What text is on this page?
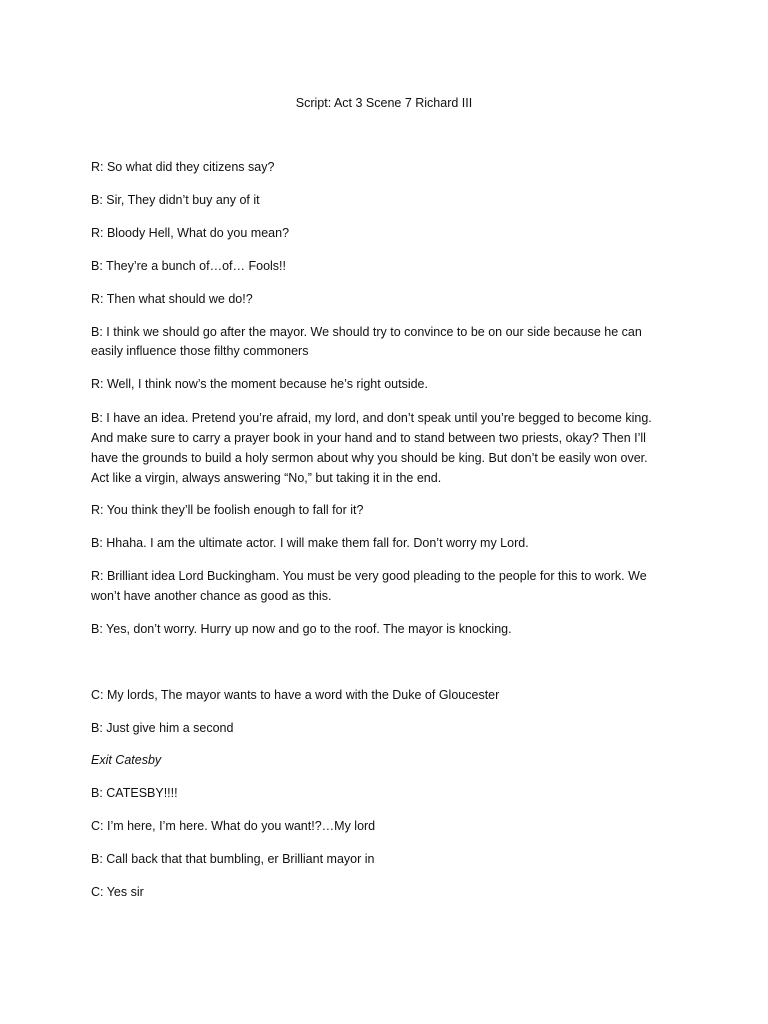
Script: Act 3 Scene 7 Richard III
R: So what did they citizens say?
B: Sir, They didn’t buy any of it
R: Bloody Hell, What do you mean?
B: They’re a bunch of…of… Fools!!
R: Then what should we do!?
B: I think we should go after the mayor. We should try to convince to be on our side because he can
easily influence those filthy commoners
R: Well, I think now’s the moment because he’s right outside.
B: I have an idea. Pretend you’re afraid, my lord, and don’t speak until you’re begged to become king.
And make sure to carry a prayer book in your hand and to stand between two priests, okay? Then I’ll
have the grounds to build a holy sermon about why you should be king. But don’t be easily won over.
Act like a virgin, always answering “No,” but taking it in the end.
R: You think they’ll be foolish enough to fall for it?
B: Hhaha. I am the ultimate actor. I will make them fall for. Don’t worry my Lord.
R: Brilliant idea Lord Buckingham. You must be very good pleading to the people for this to work. We
won’t have another chance as good as this.
B: Yes, don’t worry. Hurry up now and go to the roof. The mayor is knocking.
C: My lords, The mayor wants to have a word with the Duke of Gloucester
B: Just give him a second
Exit Catesby
B: CATESBY!!!!
C: I’m here, I’m here. What do you want!?…My lord
B: Call back that that bumbling, er Brilliant mayor in
C: Yes sir
